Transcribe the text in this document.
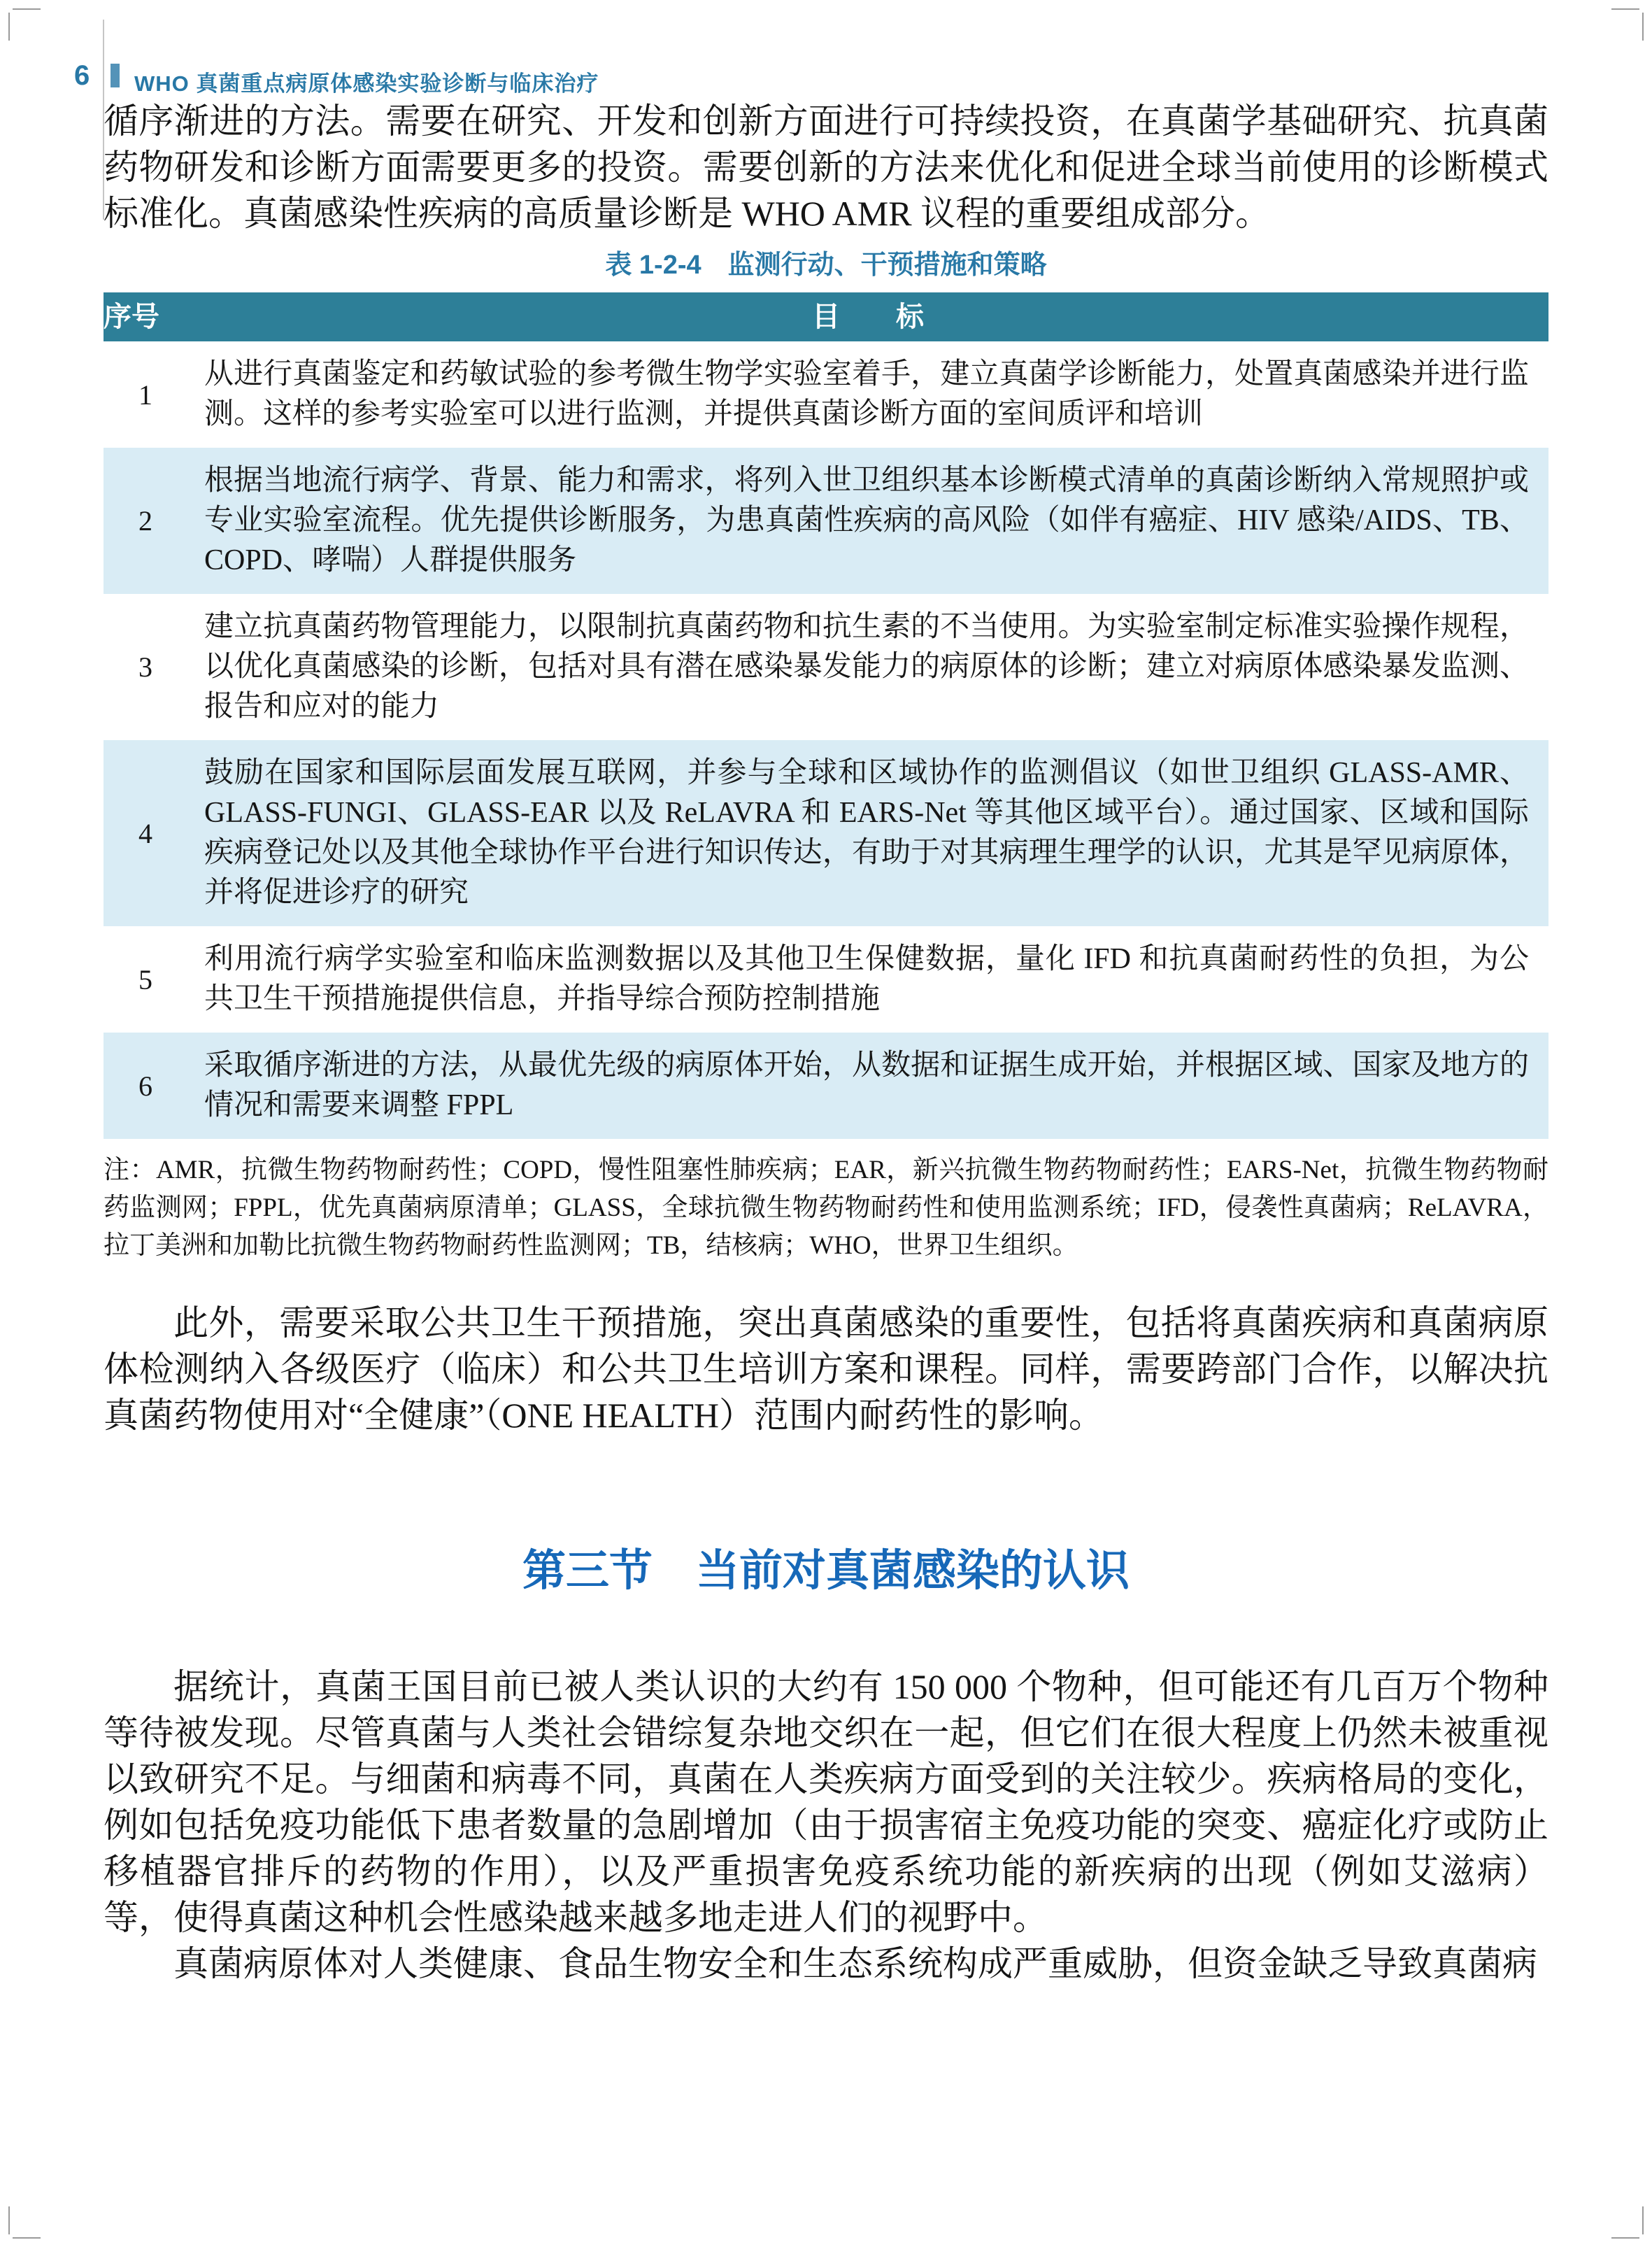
6 WHO 真菌重点病原体感染实验诊断与临床治疗

循序渐进的方法。需要在研究、开发和创新方面进行可持续投资，在真菌学基础研究、抗真菌药物研发和诊断方面需要更多的投资。需要创新的方法来优化和促进全球当前使用的诊断模式标准化。真菌感染性疾病的高质量诊断是 WHO AMR 议程的重要组成部分。

表 1-2-4　监测行动、干预措施和策略

序号	目　　标
1	从进行真菌鉴定和药敏试验的参考微生物学实验室着手，建立真菌学诊断能力，处置真菌感染并进行监测。这样的参考实验室可以进行监测，并提供真菌诊断方面的室间质评和培训
2	根据当地流行病学、背景、能力和需求，将列入世卫组织基本诊断模式清单的真菌诊断纳入常规照护或专业实验室流程。优先提供诊断服务，为患真菌性疾病的高风险（如伴有癌症、HIV 感染/AIDS、TB、COPD、哮喘）人群提供服务
3	建立抗真菌药物管理能力，以限制抗真菌药物和抗生素的不当使用。为实验室制定标准实验操作规程，以优化真菌感染的诊断，包括对具有潜在感染暴发能力的病原体的诊断；建立对病原体感染暴发监测、报告和应对的能力
4	鼓励在国家和国际层面发展互联网，并参与全球和区域协作的监测倡议（如世卫组织 GLASS-AMR、GLASS-FUNGI、GLASS-EAR 以及 ReLAVRA 和 EARS-Net 等其他区域平台）。通过国家、区域和国际疾病登记处以及其他全球协作平台进行知识传达，有助于对其病理生理学的认识，尤其是罕见病原体，并将促进诊疗的研究
5	利用流行病学实验室和临床监测数据以及其他卫生保健数据，量化 IFD 和抗真菌耐药性的负担，为公共卫生干预措施提供信息，并指导综合预防控制措施
6	采取循序渐进的方法，从最优先级的病原体开始，从数据和证据生成开始，并根据区域、国家及地方的情况和需要来调整 FPPL

注：AMR，抗微生物药物耐药性；COPD，慢性阻塞性肺疾病；EAR，新兴抗微生物药物耐药性；EARS-Net，抗微生物药物耐药监测网；FPPL，优先真菌病原清单；GLASS，全球抗微生物药物耐药性和使用监测系统；IFD，侵袭性真菌病；ReLAVRA，拉丁美洲和加勒比抗微生物药物耐药性监测网；TB，结核病；WHO，世界卫生组织。

此外，需要采取公共卫生干预措施，突出真菌感染的重要性，包括将真菌疾病和真菌病原体检测纳入各级医疗（临床）和公共卫生培训方案和课程。同样，需要跨部门合作，以解决抗真菌药物使用对“全健康”（ONE HEALTH）范围内耐药性的影响。

第三节　当前对真菌感染的认识

据统计，真菌王国目前已被人类认识的大约有 150 000 个物种，但可能还有几百万个物种等待被发现。尽管真菌与人类社会错综复杂地交织在一起，但它们在很大程度上仍然未被重视以致研究不足。与细菌和病毒不同，真菌在人类疾病方面受到的关注较少。疾病格局的变化，例如包括免疫功能低下患者数量的急剧增加（由于损害宿主免疫功能的突变、癌症化疗或防止移植器官排斥的药物的作用），以及严重损害免疫系统功能的新疾病的出现（例如艾滋病）等，使得真菌这种机会性感染越来越多地走进人们的视野中。

真菌病原体对人类健康、食品生物安全和生态系统构成严重威胁，但资金缺乏导致真菌病
